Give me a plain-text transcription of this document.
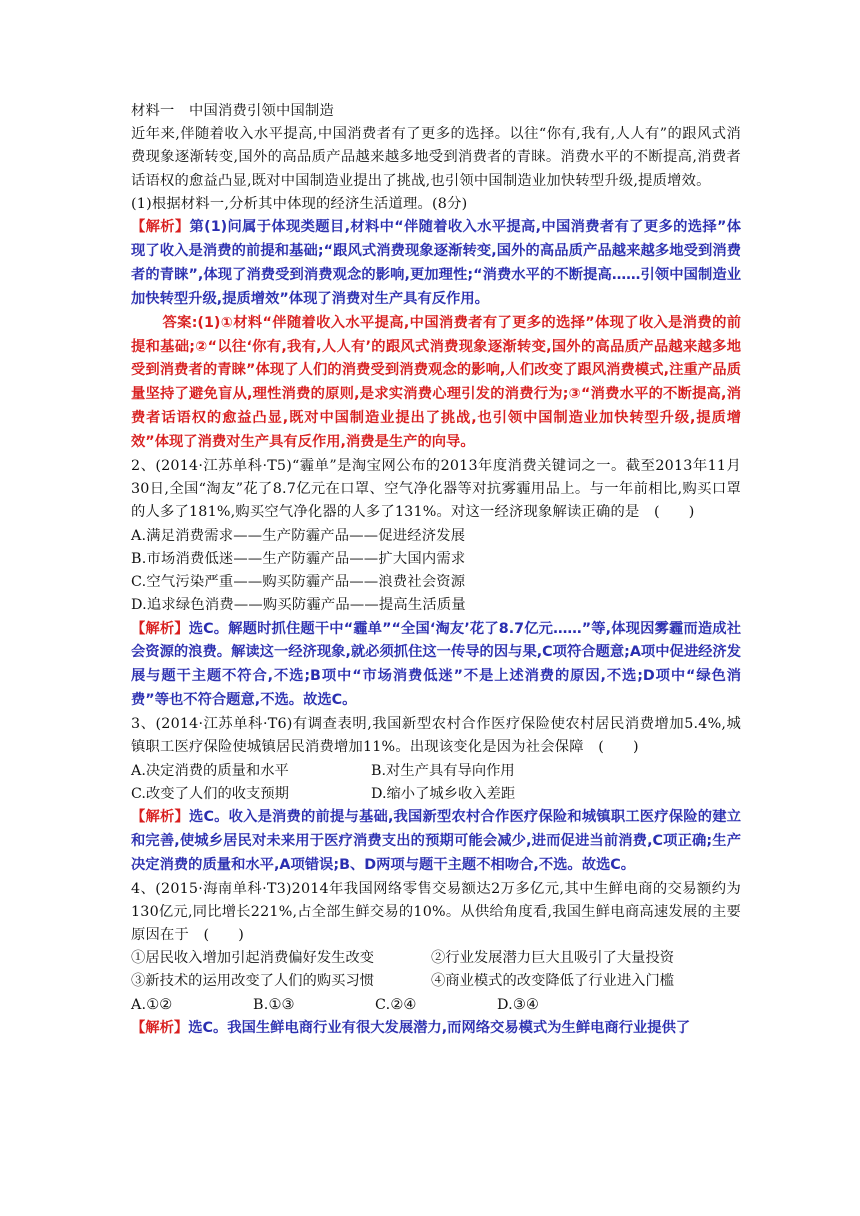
材料一　中国消费引领中国制造
近年来,伴随着收入水平提高,中国消费者有了更多的选择。以往“你有,我有,人人有”的跟风式消费现象逐渐转变,国外的高品质产品越来越多地受到消费者的青睐。消费水平的不断提高,消费者话语权的愈益凸显,既对中国制造业提出了挑战,也引领中国制造业加快转型升级,提质增效。
(1)根据材料一,分析其中体现的经济生活道理。(8分)
【解析】第(1)问属于体现类题目,材料中“伴随着收入水平提高,中国消费者有了更多的选择”体现了收入是消费的前提和基础;“跟风式消费现象逐渐转变,国外的高品质产品越来越多地受到消费者的青睐”,体现了消费受到消费观念的影响,更加理性;“消费水平的不断提高……引领中国制造业加快转型升级,提质增效”体现了消费对生产具有反作用。
答案:(1)①材料“伴随着收入水平提高,中国消费者有了更多的选择”体现了收入是消费的前提和基础;②“以往‘你有,我有,人人有’的跟风式消费现象逐渐转变,国外的高品质产品越来越多地受到消费者的青睐”体现了人们的消费受到消费观念的影响,人们改变了跟风消费模式,注重产品质量坚持了避免盲从,理性消费的原则,是求实消费心理引发的消费行为;③“消费水平的不断提高,消费者话语权的愈益凸显,既对中国制造业提出了挑战,也引领中国制造业加快转型升级,提质增效”体现了消费对生产具有反作用,消费是生产的向导。
2、(2014·江苏单科·T5)“霾单”是淘宝网公布的2013年度消费关键词之一。截至2013年11月30日,全国“淘友”花了8.7亿元在口罩、空气净化器等对抗雾霾用品上。与一年前相比,购买口罩的人多了181%,购买空气净化器的人多了131%。对这一经济现象解读正确的是　(　　)
A.满足消费需求——生产防霾产品——促进经济发展
B.市场消费低迷——生产防霾产品——扩大国内需求
C.空气污染严重——购买防霾产品——浪费社会资源
D.追求绿色消费——购买防霾产品——提高生活质量
【解析】选C。解题时抓住题干中“霾单”“全国‘淘友’花了8.7亿元……”等,体现因雾霾而造成社会资源的浪费。解读这一经济现象,就必须抓住这一传导的因与果,C项符合题意;A项中促进经济发展与题干主题不符合,不选;B项中“市场消费低迷”不是上述消费的原因,不选;D项中“绿色消费”等也不符合题意,不选。故选C。
3、(2014·江苏单科·T6)有调查表明,我国新型农村合作医疗保险使农村居民消费增加5.4%,城镇职工医疗保险使城镇居民消费增加11%。出现该变化是因为社会保障　(　　)
A.决定消费的质量和水平	B.对生产具有导向作用
C.改变了人们的收支预期	D.缩小了城乡收入差距
【解析】选C。收入是消费的前提与基础,我国新型农村合作医疗保险和城镇职工医疗保险的建立和完善,使城乡居民对未来用于医疗消费支出的预期可能会减少,进而促进当前消费,C项正确;生产决定消费的质量和水平,A项错误;B、D两项与题干主题不相吻合,不选。故选C。
4、(2015·海南单科·T3)2014年我国网络零售交易额达2万多亿元,其中生鲜电商的交易额约为130亿元,同比增长221%,占全部生鲜交易的10%。从供给角度看,我国生鲜电商高速发展的主要原因在于　(　　)
①居民收入增加引起消费偏好发生改变	②行业发展潜力巨大且吸引了大量投资
③新技术的运用改变了人们的购买习惯	④商业模式的改变降低了行业进入门槛
A.①②	B.①③	C.②④	D.③④
【解析】选C。我国生鲜电商行业有很大发展潜力,而网络交易模式为生鲜电商行业提供了
